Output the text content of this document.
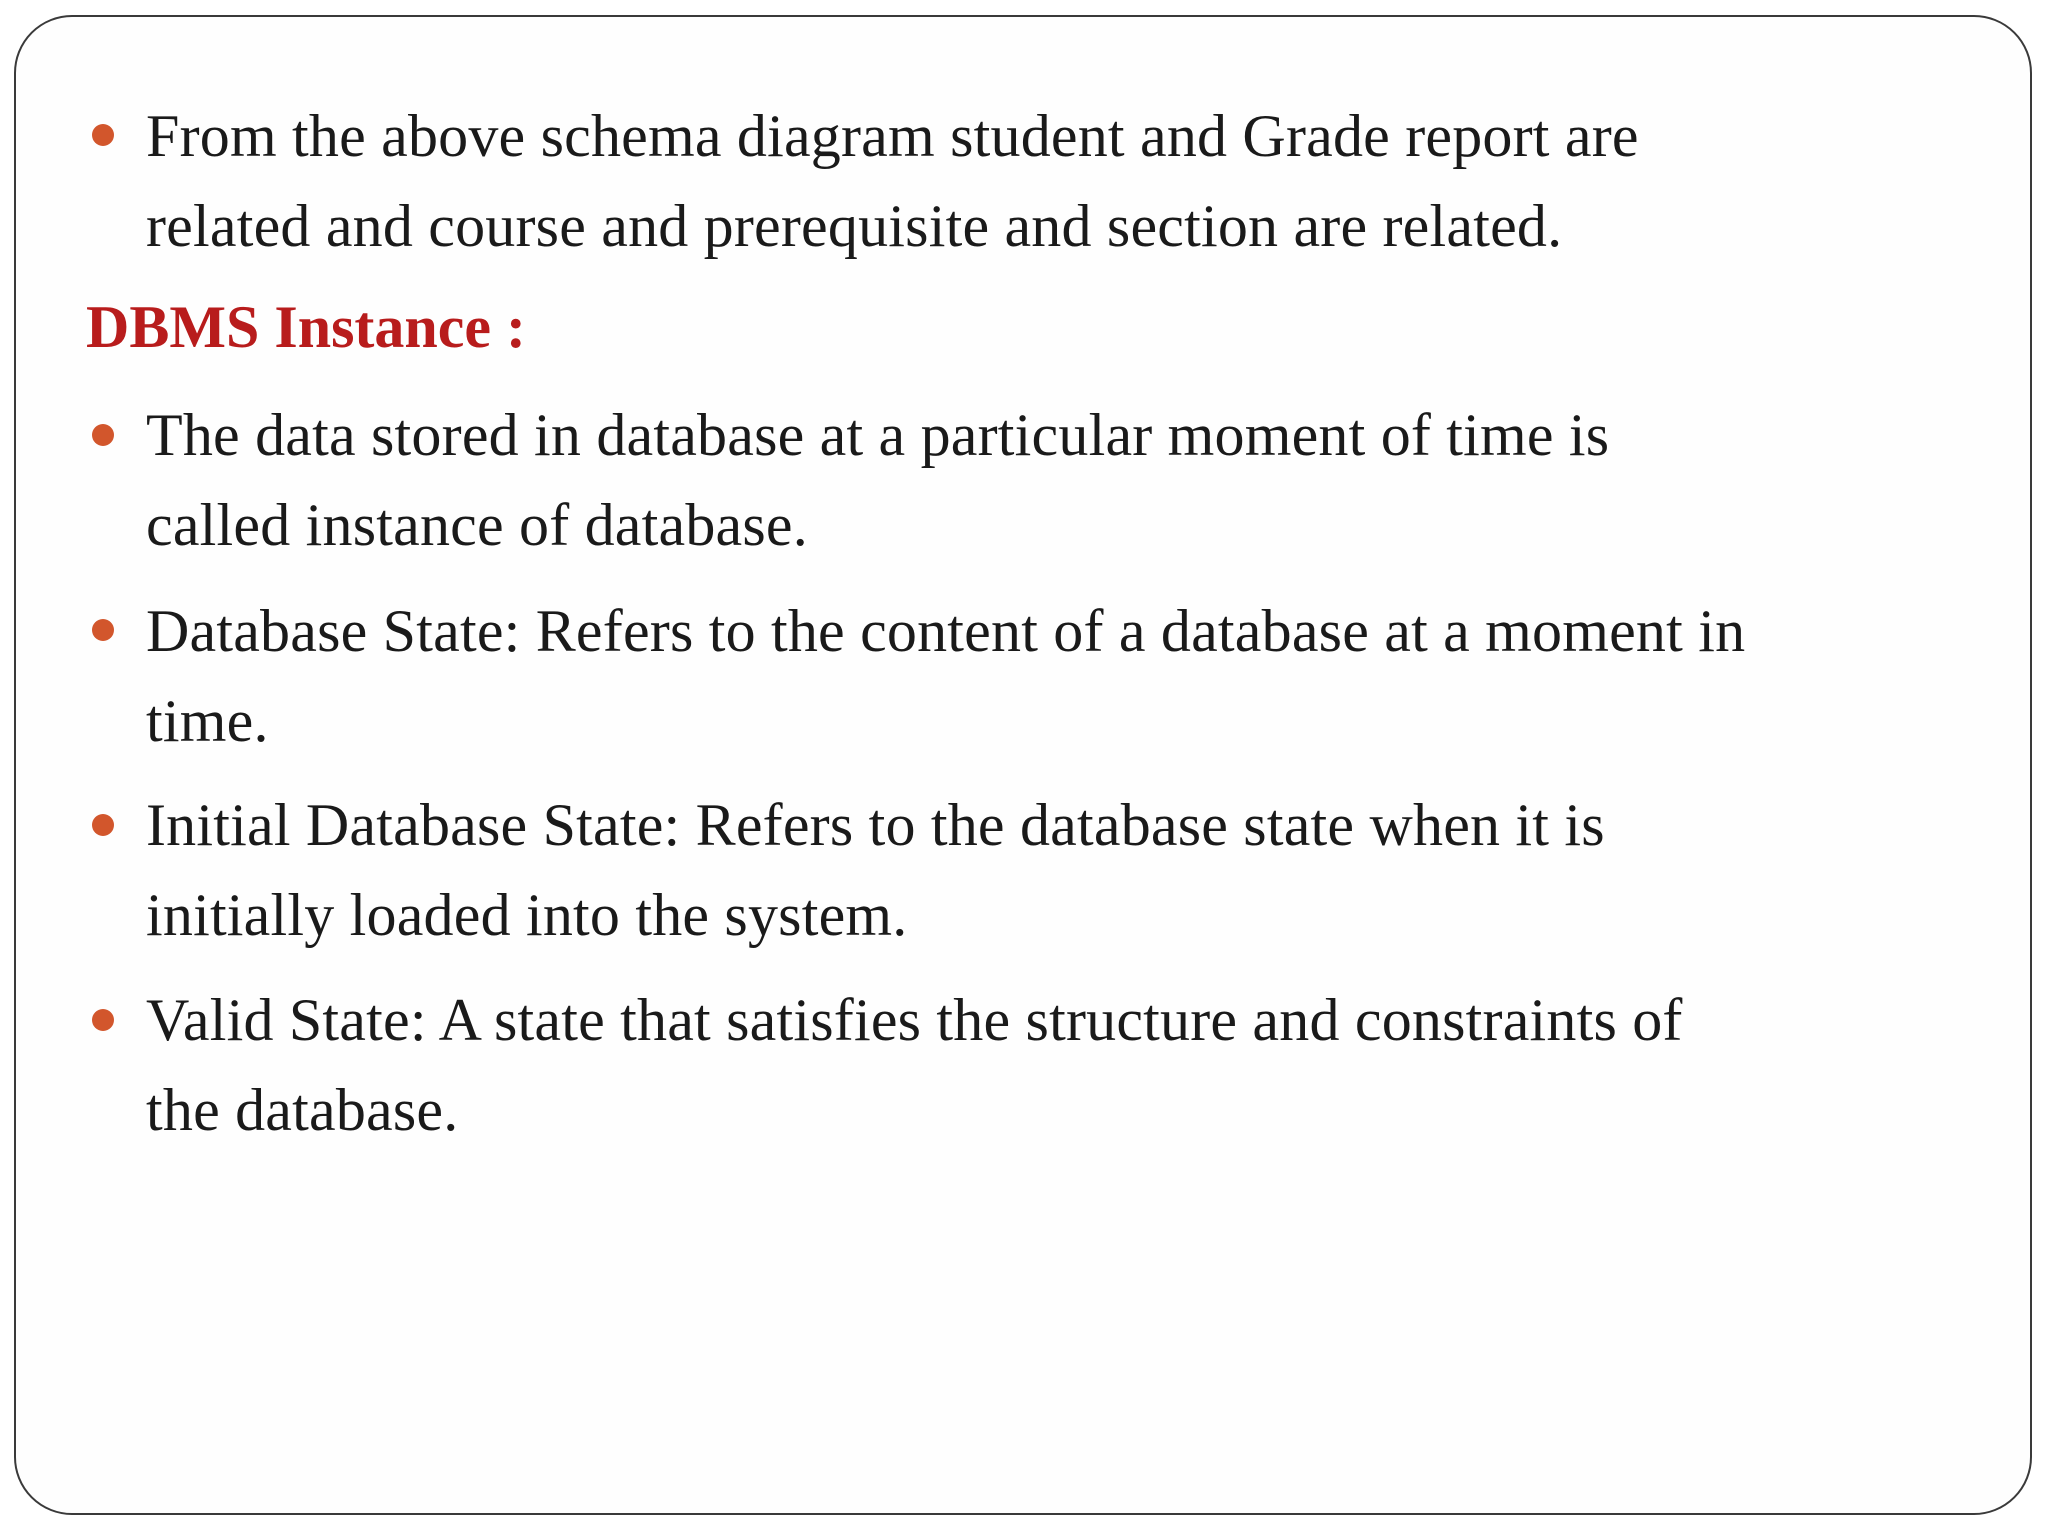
From the above schema diagram student and Grade report are
related and course and prerequisite and section are related.
DBMS Instance :
The data stored in database at a particular moment of time is
called instance of database.
Database State: Refers to the content of a database at a moment in
time.
Initial Database State: Refers to the database state when it is
initially loaded into the system.
Valid State: A state that satisfies the structure and constraints of
the database.
